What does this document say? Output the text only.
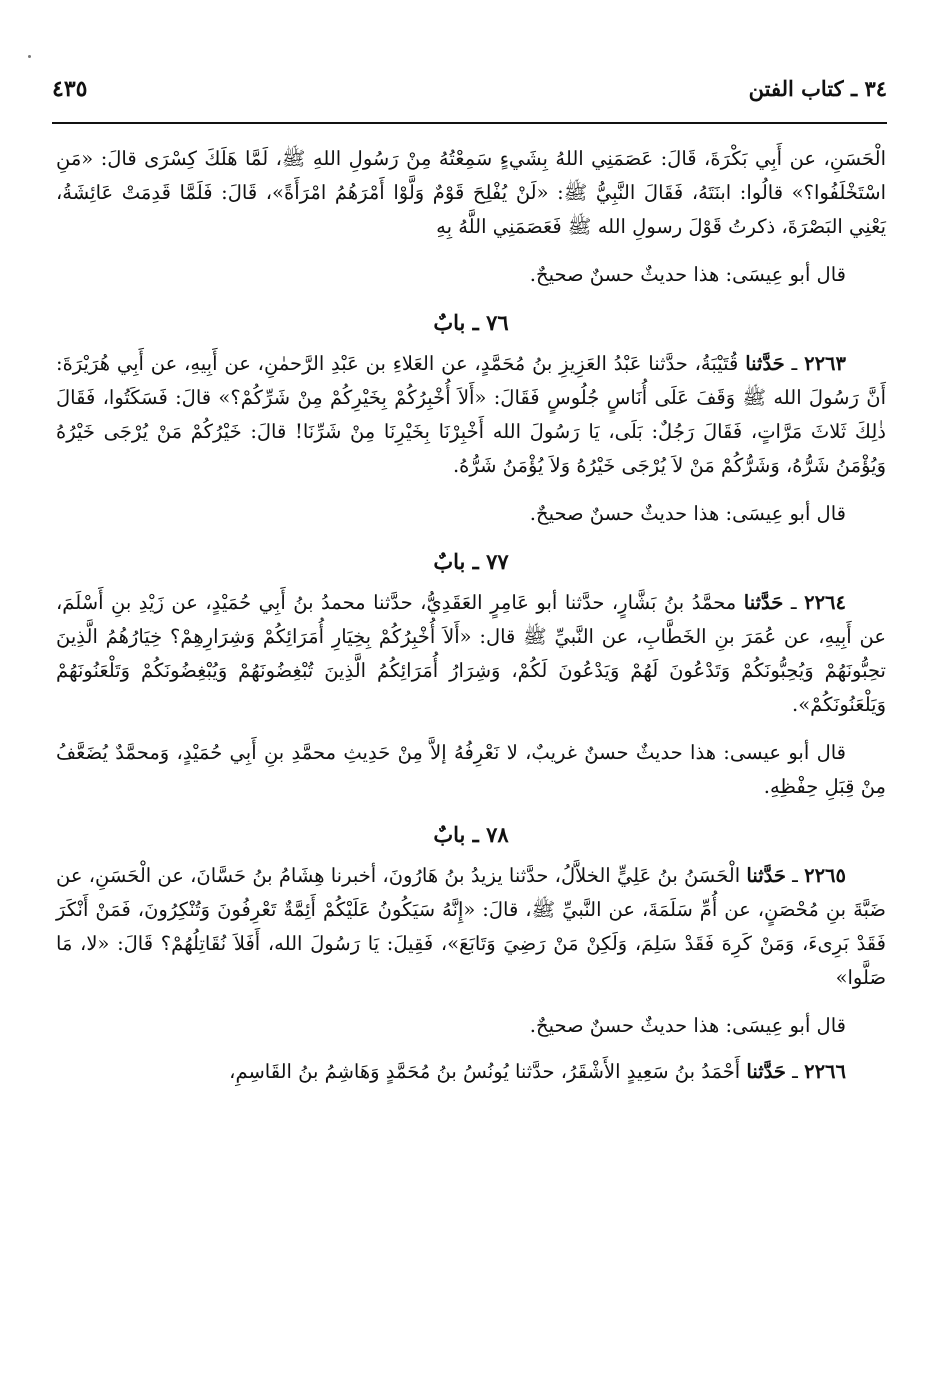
٣٤ ـ كتاب الفتن
٤٣٥

الْحَسَنِ، عن أَبِي بَكْرَةَ، قَالَ: عَصَمَنِي اللهُ بِشَيءٍ سَمِعْتُهُ مِنْ رَسُولِ اللهِ ﷺ، لَمَّا هَلَكَ كِسْرَى قالَ: «مَنِ اسْتَخْلَفُوا؟» قالُوا: ابنَتَهُ، فَقَالَ النَّبِيُّ ﷺ: «لَنْ يُفْلِحَ قَوْمٌ وَلَّوْا أَمْرَهُمُ امْرَأَةً»، قَالَ: فَلَمَّا قَدِمَتْ عَائِشَةُ، يَعْنِي البَصْرَةَ، ذكرتُ قَوْلَ رسولِ الله ﷺ فَعَصَمَنِي اللَّهُ بِهِ

قال أبو عِيسَى: هذا حديثٌ حسنٌ صحيحٌ.

٧٦ ـ بابٌ

٢٢٦٣ ـ حَدَّثنا قُتَيْبَةُ، حدَّثنا عَبْدُ العَزِيزِ بنُ مُحَمَّدٍ، عن العَلاءِ بن عَبْدِ الرَّحمٰنِ، عن أَبِيهِ، عن أَبِي هُرَيْرَةَ: أَنَّ رَسُولَ الله ﷺ وَقَفَ عَلَى أُنَاسٍ جُلُوسٍ فَقَالَ: «أَلاَ أُخْبِرُكُمْ بِخَيْرِكُمْ مِنْ شَرِّكُمْ؟» قالَ: فَسَكَتُوا، فَقَالَ ذٰلِكَ ثَلاثَ مَرَّاتٍ، فَقَالَ رَجُلٌ: بَلَى، يَا رَسُولَ الله أَخْبِرْنَا بِخَيْرِنَا مِنْ شَرِّنَا! قالَ: خَيْرُكُمْ مَنْ يُرْجَى خَيْرُهُ وَيُؤْمَنُ شَرُّهُ، وَشَرُّكُمْ مَنْ لاَ يُرْجَى خَيْرُهُ وَلاَ يُؤْمَنُ شَرُّهُ.

قال أبو عِيسَى: هذا حديثٌ حسنٌ صحيحٌ.

٧٧ ـ بابٌ

٢٢٦٤ ـ حَدَّثنا محمَّدُ بنُ بَشَّارٍ، حدَّثنا أبو عَامِرٍ العَقَدِيُّ، حدَّثنا محمدُ بنُ أَبِي حُمَيْدٍ، عن زَيْدِ بنِ أَسْلَمَ، عن أَبِيهِ، عن عُمَرَ بنِ الخَطَّابِ، عن النَّبيِّ ﷺ قال: «أَلاَ أُخْبِرُكُمْ بِخِيَارِ أُمَرَائِكُمْ وَشِرَارِهِمْ؟ خِيَارُهُمُ الَّذِينَ تحِبُّونَهُمْ وَيُحِبُّونَكُمْ وَتَدْعُونَ لَهُمْ وَيَدْعُونَ لَكُمْ، وَشِرَارُ أُمَرَائِكُمُ الَّذِينَ تُبْغِضُونَهُمْ وَيُبْغِضُونَكُمْ وَتَلْعَنُونَهُمْ وَيَلْعَنُونَكُمْ».

قال أبو عيسى: هذا حديثٌ حسنٌ غريبٌ، لا نَعْرِفُهُ إلاَّ مِنْ حَدِيثِ محمَّدِ بنِ أَبِي حُمَيْدٍ، وَمحمَّدٌ يُضَعَّفُ مِنْ قِبَلِ حِفْظِهِ.

٧٨ ـ بابٌ

٢٢٦٥ ـ حَدَّثنا الْحَسَنُ بنُ عَلِيٍّ الخلاَّلُ، حدَّثنا يزيدُ بنُ هَارُونَ، أخبرنا هِشَامُ بنُ حَسَّانَ، عن الْحَسَنِ، عن ضَبَّةَ بنِ مُحْصَنٍ، عن أُمِّ سَلَمَةَ، عن النَّبيِّ ﷺ، قالَ: «إِنَّهُ سَيَكُونُ عَلَيْكُمْ أَئِمَّةٌ تَعْرِفُونَ وَتُنْكِرُونَ، فَمَنْ أَنْكَرَ فَقَدْ بَرِىءَ، وَمَنْ كَرِهَ فَقَدْ سَلِمَ، وَلَكِنْ مَنْ رَضِيَ وَتَابَعَ»، فَقِيلَ: يَا رَسُولَ الله، أَفَلاَ نُقَاتِلُهُمْ؟ قَالَ: «لا، مَا صَلَّوا»

قال أبو عِيسَى: هذا حديثٌ حسنٌ صحيحٌ.

٢٢٦٦ ـ حَدَّثنا أَحْمَدُ بنُ سَعِيدٍ الأَشْقَرُ، حدَّثنا يُونُسُ بنُ مُحَمَّدٍ وَهَاشِمُ بنُ القَاسِمِ،
